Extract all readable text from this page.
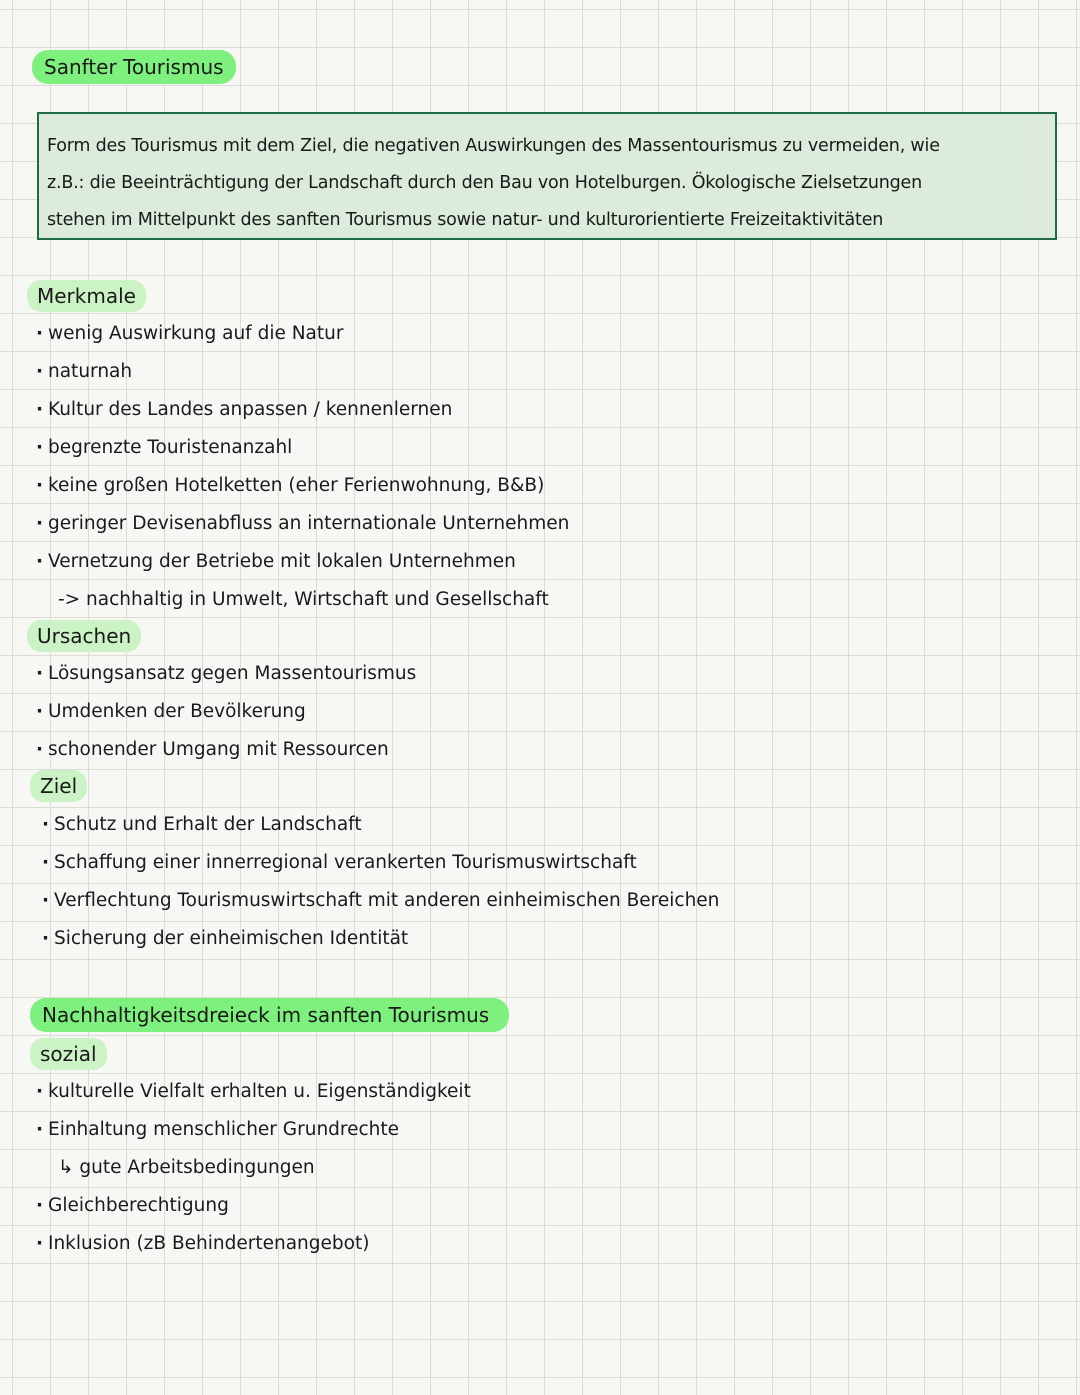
Sanfter Tourismus
Form des Tourismus mit dem Ziel, die negativen Auswirkungen des Massentourismus zu vermeiden, wie
z.B.: die Beeinträchtigung der Landschaft durch den Bau von Hotelburgen. Ökologische Zielsetzungen
stehen im Mittelpunkt des sanften Tourismus sowie natur- und kulturorientierte Freizeitaktivitäten
Merkmale
· wenig Auswirkung auf die Natur
· naturnah
· Kultur des Landes anpassen / kennenlernen
· begrenzte Touristenanzahl
· keine großen Hotelketten (eher Ferienwohnung, B&B)
· geringer Devisenabfluss an internationale Unternehmen
· Vernetzung der Betriebe mit lokalen Unternehmen
-> nachhaltig in Umwelt, Wirtschaft und Gesellschaft
Ursachen
· Lösungsansatz gegen Massentourismus
· Umdenken der Bevölkerung
· schonender Umgang mit Ressourcen
Ziel
· Schutz und Erhalt der Landschaft
· Schaffung einer innerregional verankerten Tourismuswirtschaft
· Verflechtung Tourismuswirtschaft mit anderen einheimischen Bereichen
· Sicherung der einheimischen Identität
Nachhaltigkeitsdreieck im sanften Tourismus
sozial
· kulturelle Vielfalt erhalten u. Eigenständigkeit
· Einhaltung menschlicher Grundrechte
↳ gute Arbeitsbedingungen
· Gleichberechtigung
· Inklusion (zB Behindertenangebot)
